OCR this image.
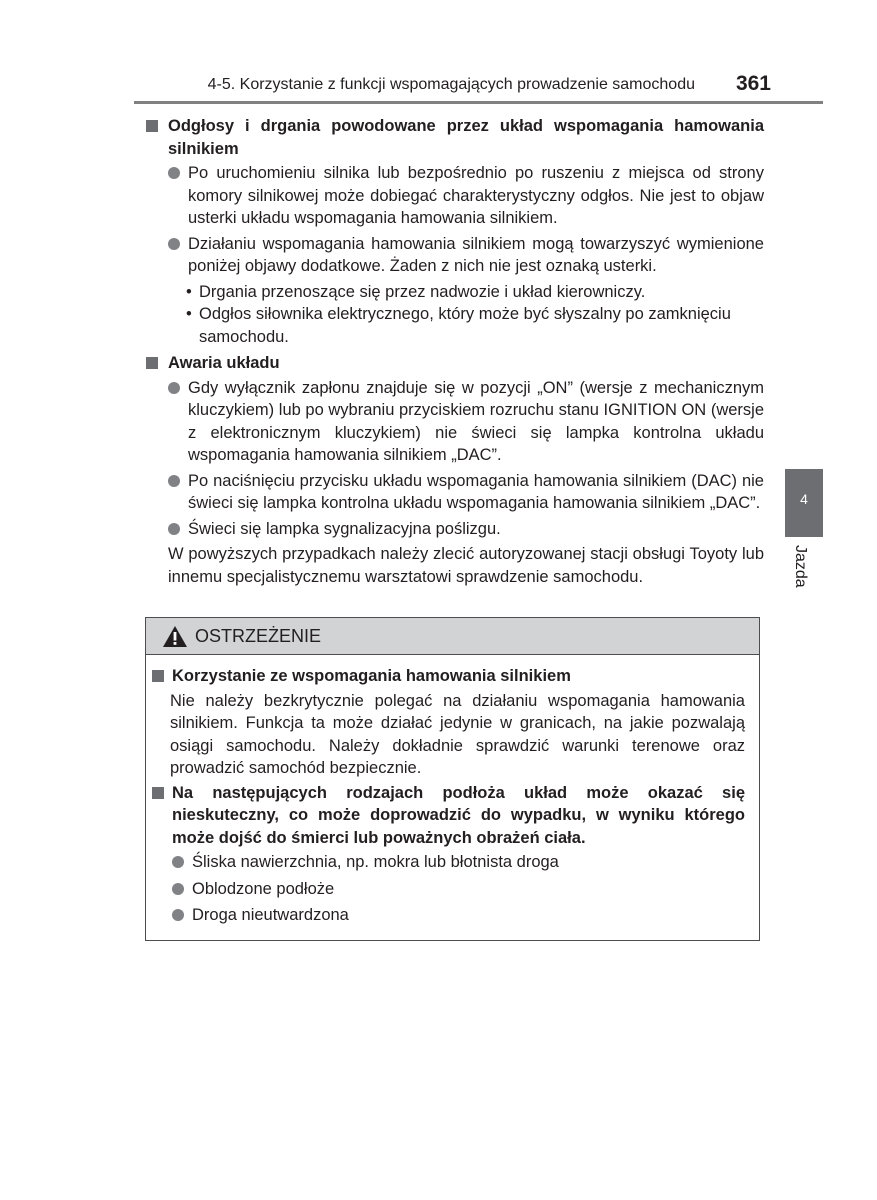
4-5. Korzystanie z funkcji wspomagających prowadzenie samochodu 361
4
Jazda
Odgłosy i drgania powodowane przez układ wspomagania hamowania silnikiem
Po uruchomieniu silnika lub bezpośrednio po ruszeniu z miejsca od strony komory silnikowej może dobiegać charakterystyczny odgłos. Nie jest to objaw usterki układu wspomagania hamowania silnikiem.
Działaniu wspomagania hamowania silnikiem mogą towarzyszyć wymienione poniżej objawy dodatkowe. Żaden z nich nie jest oznaką usterki.
• Drgania przenoszące się przez nadwozie i układ kierowniczy.
• Odgłos siłownika elektrycznego, który może być słyszalny po zamknięciu samochodu.
Awaria układu
Gdy wyłącznik zapłonu znajduje się w pozycji „ON” (wersje z mechanicznym kluczykiem) lub po wybraniu przyciskiem rozruchu stanu IGNITION ON (wersje z elektronicznym kluczykiem) nie świeci się lampka kontrolna układu wspomagania hamowania silnikiem „DAC”.
Po naciśnięciu przycisku układu wspomagania hamowania silnikiem (DAC) nie świeci się lampka kontrolna układu wspomagania hamowania silnikiem „DAC”.
Świeci się lampka sygnalizacyjna poślizgu.
W powyższych przypadkach należy zlecić autoryzowanej stacji obsługi Toyoty lub innemu specjalistycznemu warsztatowi sprawdzenie samochodu.
OSTRZEŻENIE
Korzystanie ze wspomagania hamowania silnikiem
Nie należy bezkrytycznie polegać na działaniu wspomagania hamowania silnikiem. Funkcja ta może działać jedynie w granicach, na jakie pozwalają osiągi samochodu. Należy dokładnie sprawdzić warunki terenowe oraz prowadzić samochód bezpiecznie.
Na następujących rodzajach podłoża układ może okazać się nieskuteczny, co może doprowadzić do wypadku, w wyniku którego może dojść do śmierci lub poważnych obrażeń ciała.
Śliska nawierzchnia, np. mokra lub błotnista droga
Oblodzone podłoże
Droga nieutwardzona
